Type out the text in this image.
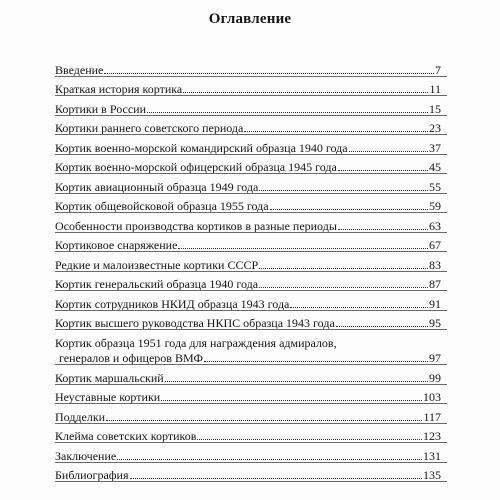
Оглавление
Введение	7
Краткая история кортика	11
Кортики в России	15
Кортики раннего советского периода	23
Кортик военно-морской командирский образца 1940 года	37
Кортик военно-морской офицерский образца 1945 года	45
Кортик авиационный образца 1949 года	55
Кортик общевойсковой образца 1955 года	59
Особенности производства кортиков в разные периоды	63
Кортиковое снаряжение	67
Редкие и малоизвестные кортики СССР	83
Кортик генеральский образца 1940 года	87
Кортик сотрудников НКИД образца 1943 года	91
Кортик высшего руководства НКПС образца 1943 года	95
Кортик образца 1951 года для награждения адмиралов,
генералов и офицеров ВМФ	97
Кортик маршальский	99
Неуставные кортики	103
Подделки	117
Клейма советских кортиков	123
Заключение	131
Библиография	135
